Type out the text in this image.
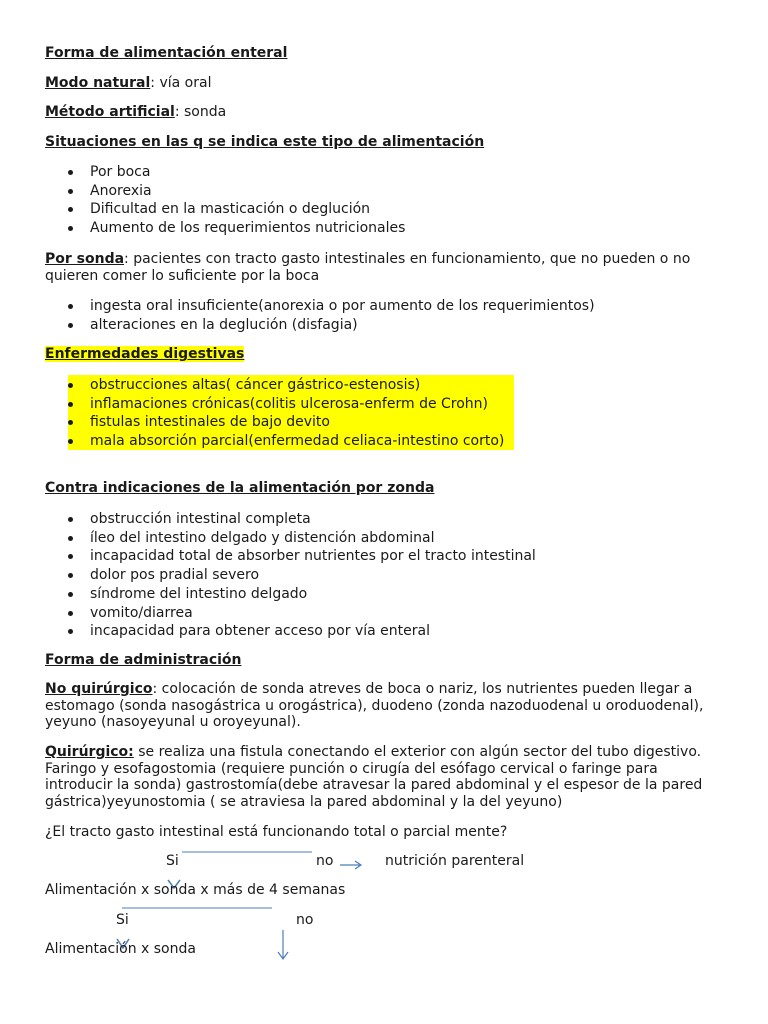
Forma de alimentación enteral
Modo natural: vía oral
Método artificial: sonda
Situaciones en las q se indica este tipo de alimentación
Por boca
Anorexia
Dificultad en la masticación o deglución
Aumento de los requerimientos nutricionales
Por sonda: pacientes con tracto gasto intestinales en funcionamiento, que no pueden o no
quieren comer lo suficiente por la boca
ingesta oral insuficiente(anorexia o por aumento de los requerimientos)
alteraciones en la deglución (disfagia)
Enfermedades digestivas
obstrucciones altas( cáncer gástrico-estenosis)
inflamaciones crónicas(colitis ulcerosa-enferm de Crohn)
fistulas intestinales de bajo devito
mala absorción parcial(enfermedad celiaca-intestino corto)
Contra indicaciones de la alimentación por zonda
obstrucción intestinal completa
íleo del intestino delgado y distención abdominal
incapacidad total de absorber nutrientes por el tracto intestinal
dolor pos pradial severo
síndrome del intestino delgado
vomito/diarrea
incapacidad para obtener acceso por vía enteral
Forma de administración
No quirúrgico: colocación de sonda atreves de boca o nariz, los nutrientes pueden llegar a
estomago (sonda nasogástrica u orogástrica), duodeno (zonda nazoduodenal u oroduodenal),
yeyuno (nasoyeyunal u oroyeyunal).
Quirúrgico: se realiza una fistula conectando el exterior con algún sector del tubo digestivo.
Faringo y esofagostomia (requiere punción o cirugía del esófago cervical o faringe para
introducir la sonda) gastrostomía(debe atravesar la pared abdominal y el espesor de la pared
gástrica)yeyunostomia ( se atraviesa la pared abdominal y la del yeyuno)
¿El tracto gasto intestinal está funcionando total o parcial mente?
Si	no	nutrición parenteral
Alimentación x sonda x más de 4 semanas
Si	no
Alimentación x sonda
